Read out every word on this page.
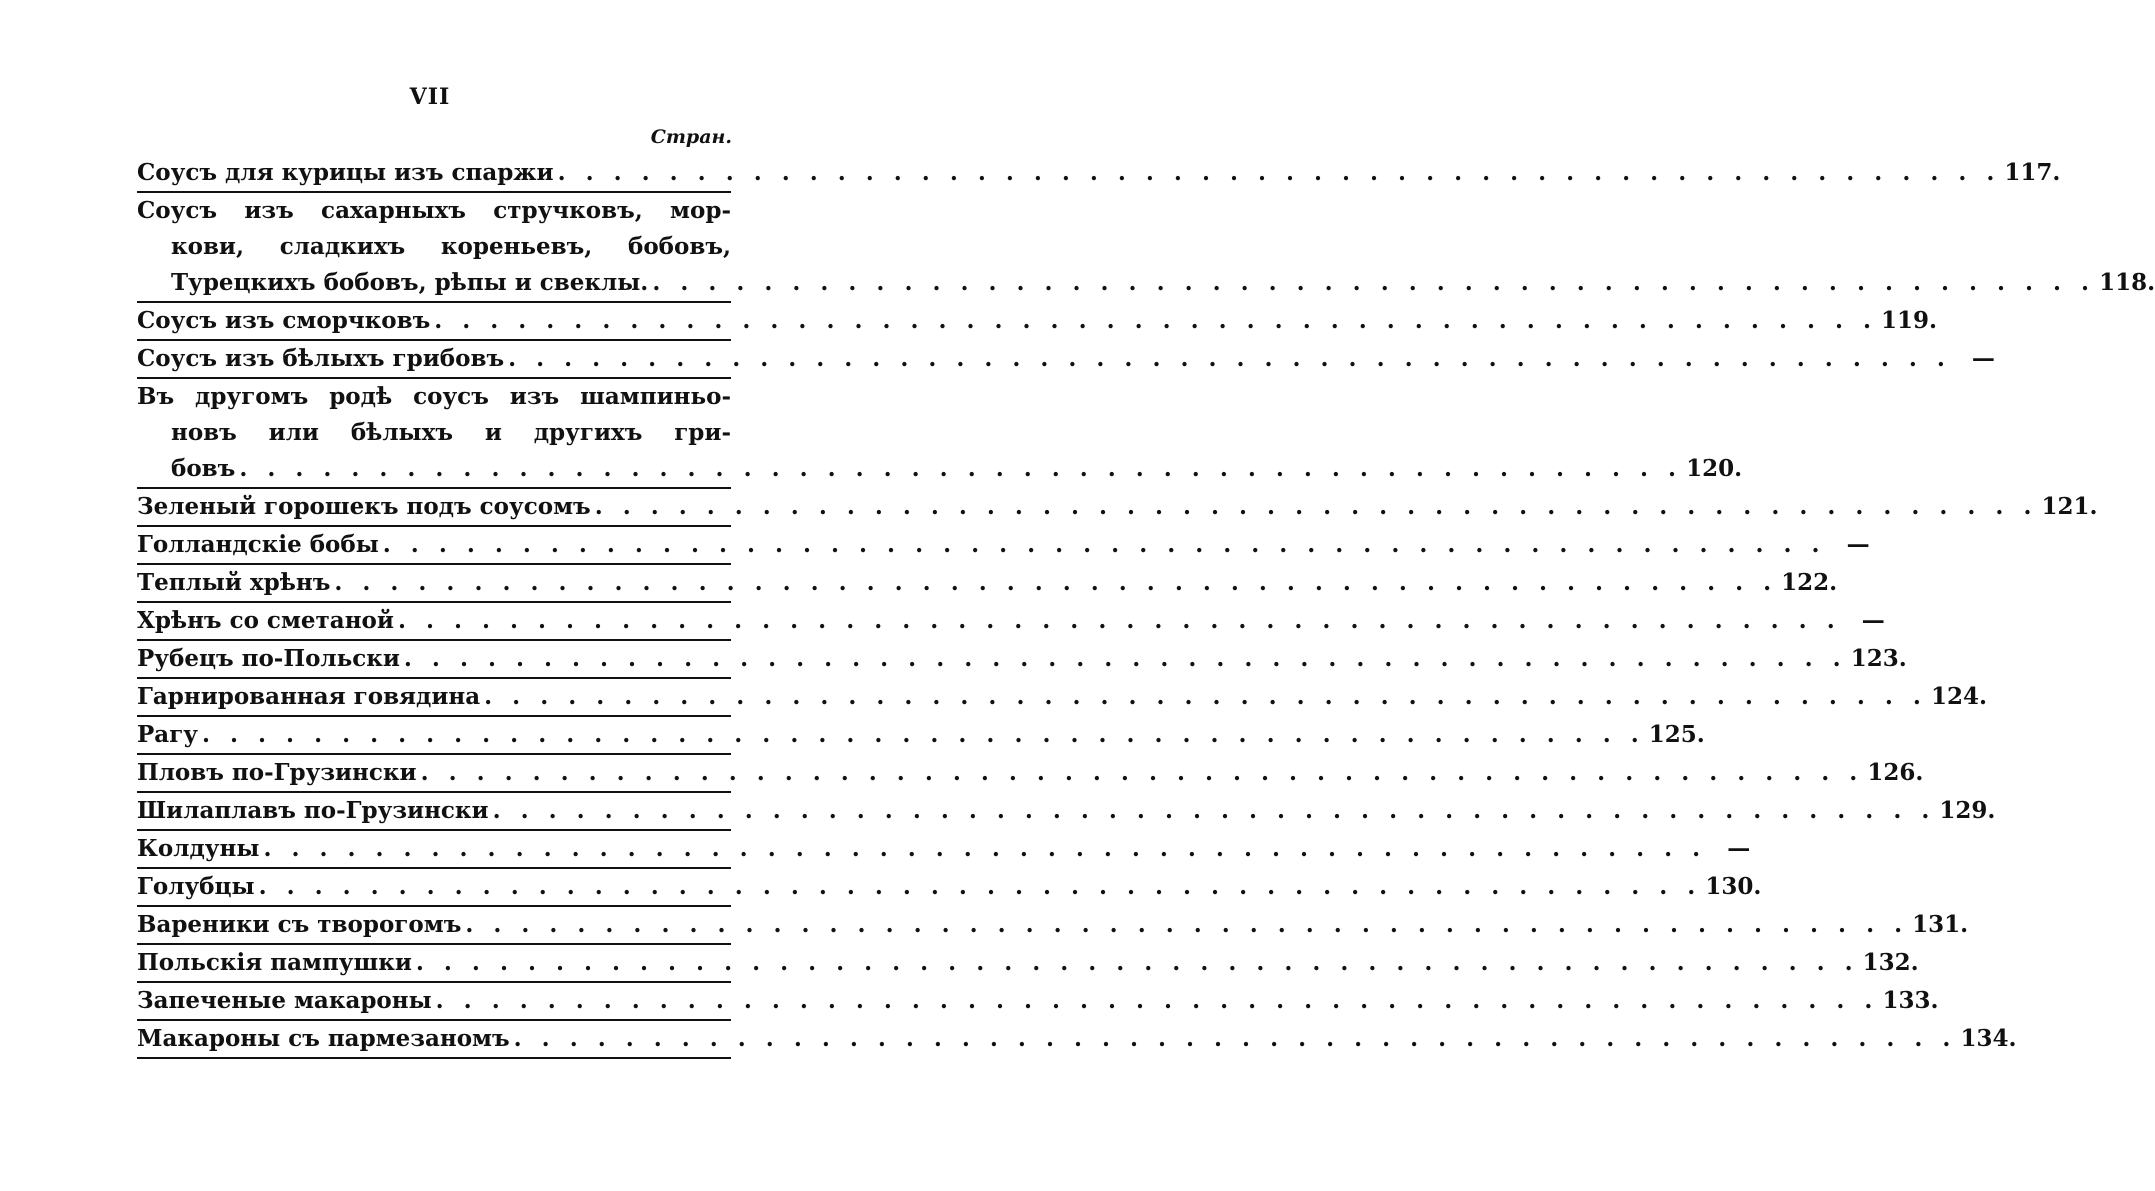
VII
Стран.
Соусъ для курицы изъ спаржи . . .	117.
Соусъ изъ сахарныхъ стручковъ, мор-
кови, сладкихъ кореньевъ, бобовъ,
Турецкихъ бобовъ, рѣпы и свеклы. . . .	118.
Соусъ изъ сморчковъ . . .	119.
Соусъ изъ бѣлыхъ грибовъ . . .	—
Въ другомъ родѣ соусъ изъ шампиньо-
новъ или бѣлыхъ и другихъ гри-
бовъ . . .	120.
Зеленый горошекъ подъ соусомъ . . .	121.
Голландскіе бобы . . .	—
Теплый хрѣнъ . . .	122.
Хрѣнъ со сметаной . . .	—
Рубецъ по-Польски . . .	123.
Гарнированная говядина . . .	124.
Рагу . . .	125.
Пловъ по-Грузински . . .	126.
Шилаплавъ по-Грузински . . .	129.
Колдуны . . .	—
Голубцы . . .	130.
Вареники съ творогомъ . . .	131.
Польскія пампушки . . .	132.
Запеченые макароны . . .	133.
Макароны съ пармезаномъ . . .	134.
